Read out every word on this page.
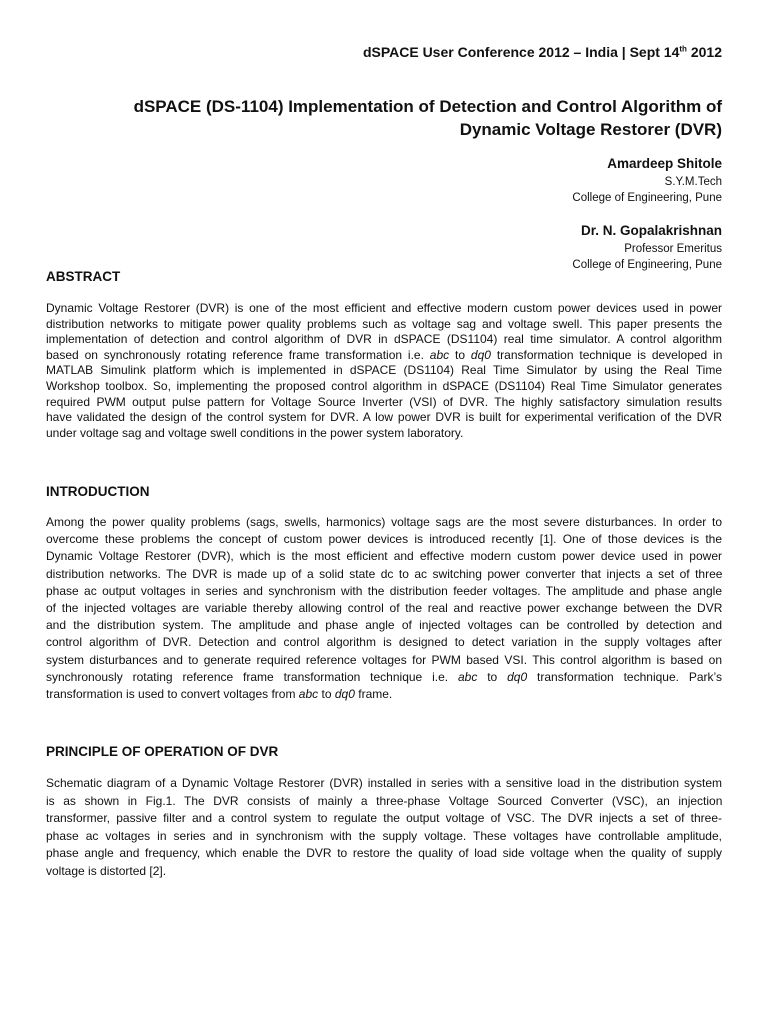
dSPACE User Conference 2012 – India | Sept 14th 2012
dSPACE (DS-1104) Implementation of Detection and Control Algorithm of
Dynamic Voltage Restorer (DVR)
Amardeep Shitole
S.Y.M.Tech
College of Engineering, Pune
Dr. N. Gopalakrishnan
Professor Emeritus
College of Engineering, Pune
ABSTRACT
Dynamic Voltage Restorer (DVR) is one of the most efficient and effective modern custom power devices used in power
distribution networks to mitigate power quality problems such as voltage sag and voltage swell. This paper presents the
implementation of detection and control algorithm of DVR in dSPACE (DS1104) real time simulator. A control algorithm
based on synchronously rotating reference frame transformation i.e. abc to dq0 transformation technique is developed in
MATLAB Simulink platform which is implemented in dSPACE (DS1104) Real Time Simulator by using the Real Time
Workshop toolbox. So, implementing the proposed control algorithm in dSPACE (DS1104) Real Time Simulator generates
required PWM output pulse pattern for Voltage Source Inverter (VSI) of DVR. The highly satisfactory simulation results
have validated the design of the control system for DVR. A low power DVR is built for experimental verification of the DVR
under voltage sag and voltage swell conditions in the power system laboratory.
INTRODUCTION
Among the power quality problems (sags, swells, harmonics) voltage sags are the most severe disturbances. In order to
overcome these problems the concept of custom power devices is introduced recently [1]. One of those devices is the
Dynamic Voltage Restorer (DVR), which is the most efficient and effective modern custom power device used in power
distribution networks. The DVR is made up of a solid state dc to ac switching power converter that injects a set of three
phase ac output voltages in series and synchronism with the distribution feeder voltages. The amplitude and phase angle
of the injected voltages are variable thereby allowing control of the real and reactive power exchange between the DVR
and the distribution system. The amplitude and phase angle of injected voltages can be controlled by detection and
control algorithm of DVR. Detection and control algorithm is designed to detect variation in the supply voltages after
system disturbances and to generate required reference voltages for PWM based VSI. This control algorithm is based on
synchronously rotating reference frame transformation technique i.e. abc to dq0 transformation technique. Park’s
transformation is used to convert voltages from abc to dq0 frame.
PRINCIPLE OF OPERATION OF DVR
Schematic diagram of a Dynamic Voltage Restorer (DVR) installed in series with a sensitive load in the distribution system
is as shown in Fig.1. The DVR consists of mainly a three-phase Voltage Sourced Converter (VSC), an injection
transformer, passive filter and a control system to regulate the output voltage of VSC. The DVR injects a set of three-
phase ac voltages in series and in synchronism with the supply voltage. These voltages have controllable amplitude,
phase angle and frequency, which enable the DVR to restore the quality of load side voltage when the quality of supply
voltage is distorted [2].
